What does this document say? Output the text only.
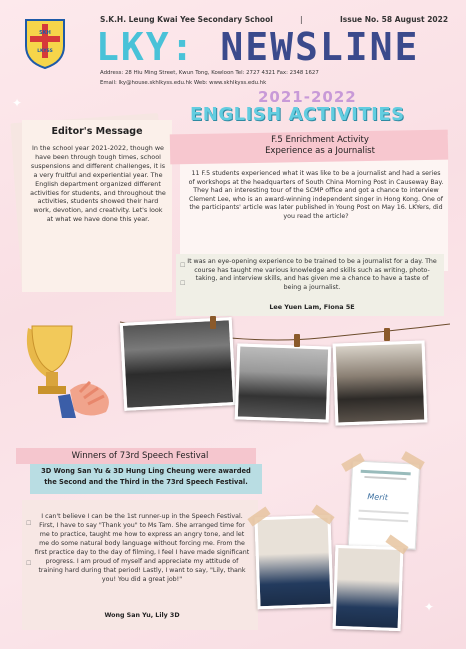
✦
✦
SKH
LKYSS
S.K.H. Leung Kwai Yee Secondary School	|	Issue No. 58 August 2022
LKY: NEWSLINE
Address: 28 Hiu Ming Street, Kwun Tong, Kowloon Tel: 2727 4321 Fax: 2348 1627
Email: lky@house.skhlkyss.edu.hk Web: www.skhlkyss.edu.hk
2021-2022
ENGLISH ACTIVITIES
Editor's Message
In the school year 2021-2022, though we have been through tough times, school suspensions and different challenges, it is a very fruitful and experiential year. The English department organized different activities for students, and throughout the activities, students showed their hard work, devotion, and creativity. Let's look at what we have done this year.
F.5 Enrichment Activity
Experience as a Journalist
11 F.5 students experienced what it was like to be a journalist and had a series of workshops at the headquarters of South China Morning Post in Causeway Bay. They had an interesting tour of the SCMP office and got a chance to interview Clement Lee, who is an award-winning independent singer in Hong Kong. One of the participants' article was later published in Young Post on May 16. LKYers, did you read the article?
☐
☐
It was an eye-opening experience to be trained to be a journalist for a day. The course has taught me various knowledge and skills such as writing, photo-taking, and interview skills, and has given me a chance to have a taste of being a journalist.
Lee Yuen Lam, Fiona 5E
Winners of 73rd Speech Festival
3D Wong San Yu & 3D Hung Ling Cheung were awarded the Second and the Third in the 73rd Speech Festival.
☐
☐
I can't believe I can be the 1st runner-up in the Speech Festival. First, I have to say "Thank you" to Ms Tam. She arranged time for me to practice, taught me how to express an angry tone, and let me do some natural body language without forcing me. From the first practice day to the day of filming, I feel I have made significant progress. I am proud of myself and appreciate my attitude of training hard during that period! Lastly, I want to say, "Lily, thank you! You did a great job!"
Wong San Yu, Lily 3D
Merit
